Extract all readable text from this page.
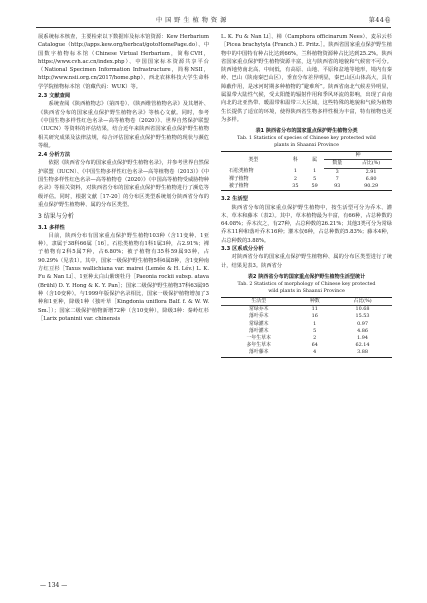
中 国 野 生 植 物 资 源	第44卷

展系统标本核查，主要检索以下数据库及标本馆资源：Kew Herbarium Catalogue（http://apps.kew.org/herbcat/gotoHomePage.do）、中国数字植物标本馆（Chinese Virtual Herbarium，简称CVH，https://www.cvh.ac.cn/index.php）、中国国家标本资源共享平台（National Specimen Information Infrastructure，简称NSII，http://www.nsii.org.cn/2017/home.php）、西北农林科技大学生命科学学院植物标本馆（馆藏代码：WUK）等。

2.3 文献查阅

系统查阅《陕西植物志》（第四卷）、《陕西维管植物名录》及其增补、《陕西省分布的国家重点保护野生植物名录》等核心文献。同时，参考《中国生物多样性红色名录—高等植物卷（2020）》、世界自然保护联盟（IUCN）等资料的评估结果，结合近年来陕西省国家重点保护野生植物相关研究成果及法律法规，综合评估国家重点保护野生植物的现状与濒危等级。

2.4 分析方法

依据《陕西省分布的国家重点保护野生植物名录》，并参考世界自然保护联盟（IUCN）、《中国生物多样性红色名录—高等植物卷（2013）》《中国生物多样性红色名录—高等植物卷（2020）》《中国高等植物受威胁物种名录》等相关资料，对陕西省分布的国家重点保护野生植物进行了濒危等级评估。同时，根据文献［17-20］的分布区类型系统划分陕西省分布的重点保护野生植物种、属的分布区类型。

3 结果与分析

3.1 多样性

目前，陕西分布有国家重点保护野生植物103种（含11变种、1亚种），隶属于38科66属［16］。石松类植物有1科1属3种，占2.91%；裸子植物有2科5属7种，占6.80%；被子植物有35科59属93种，占90.29%（见表1）。其中，国家一级保护野生植物5科6属8种，含1变种南方红豆杉［Taxus wallichiana var. mairei (Lemée & H. Lév.) L. K. Fu & Nan Li］、1亚种太白山紫斑牡丹［Paeonia rockii subsp. atava (Brühl) D. Y. Hong & K. Y. Pan］；国家二级保护野生植物37科63属95种（含10变种）。与1999年版保护名录相比，国家一级保护植物增加了3种和1亚种，降级1种（独叶草［Kingdonia uniflora Balf. f. & W. W. Sm.］）；国家二级保护植物新增72种（含10变种），降级3种：秦岭红杉［Larix potaninii var. chinensis

L. K. Fu & Nan Li］、樟（Camphora officinarum Nees）、麦吊云杉［Picea brachytyla (Franch.) E. Pritz.］。陕西省国家重点保护野生植物中的中国特有种占比达到66%，兰科植物资源种占比达到25.2%。陕西省国家重点保护野生植物资源丰富，这与陕西省的地貌和气候密不可分。陕西地势南北高、中间低，有高原、山地、平原和盆地等地形，境内有秦岭、巴山（陕南秦巴山区），垂直分布差异明显，秦巴山区山体高大，具有障蔽作用，是冰河时期多种植物的“避难所”。陕西省南北气候差异明显，属温带大陆性气候，受太阳能的辐射作用和季风环流的影响，出现了由南向北的北亚热带、暖温带和温带三大区域，这些特殊的地貌和气候为植物生长提供了适宜的环境，使得陕西省生物多样性极为丰富，特有植物也更为多样。

表1 陕西省分布的国家重点保护野生植物分类
Tab. 1 Statistics of species of Chinese key protected wild
plants in Shaanxi Province
类型	科	属	种	
			数量	占比(%)
石松类植物	1	1	3	2.91
裸子植物	2	5	7	6.80
被子植物	35	59	93	90.29

3.2 生活型

陕西省分布的国家重点保护野生植物中，按生活型可分为乔木、灌木、草本和藤本（表2）。其中，草本植物最为丰富，有66种，占总种数的64.08%；乔木次之，有27种，占总种数的26.21%；其他3类可分为常绿乔木11种和落叶乔木16种；灌木仅6种，占总种数的5.83%；藤本4种，占总种数的3.88%。

3.3 区系成分分析

对陕西省分布的国家重点保护野生植物种、属的分布区类型进行了统计，结果见表3。陕西省分

表2 陕西省分布的国家重点保护野生植物生活型统计
Tab. 2 Statistics of morphology of Chinese key protected
wild plants in Shaanxi Province
生活型	种数	占比(%)
常绿乔木	11	10.68
落叶乔木	16	15.53
常绿灌木	1	0.97
落叶灌木	5	4.86
一年生草本	2	1.94
多年生草本	64	62.14
落叶藤本	4	3.88
— 134 —
